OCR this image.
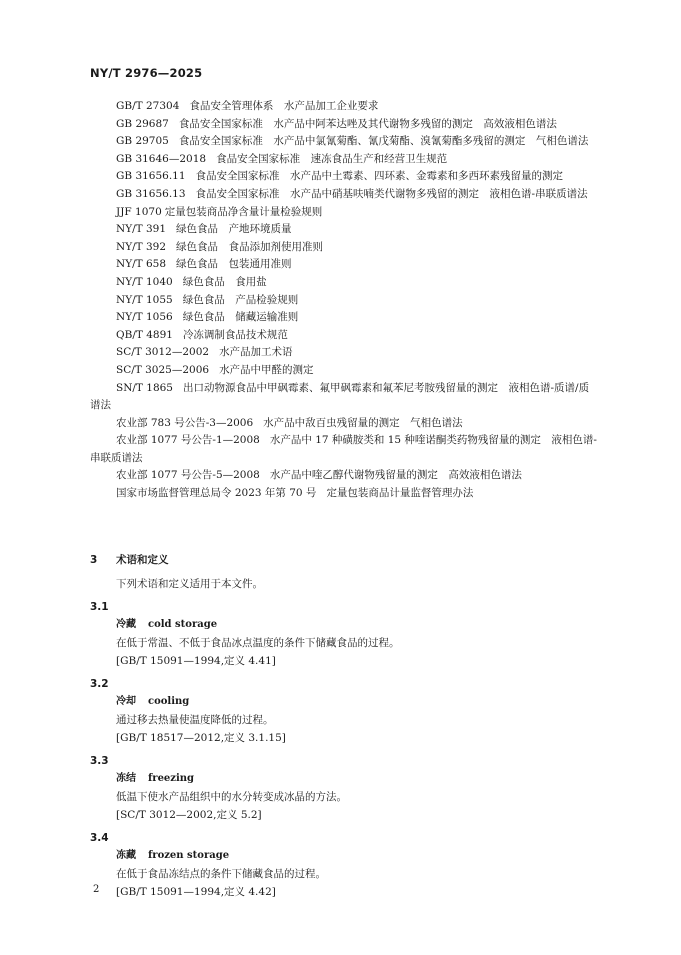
NY/T 2976—2025
GB/T 27304 食品安全管理体系　水产品加工企业要求
GB 29687 食品安全国家标准　水产品中阿苯达唑及其代谢物多残留的测定　高效液相色谱法
GB 29705 食品安全国家标准　水产品中氯氰菊酯、氰戊菊酯、溴氰菊酯多残留的测定　气相色谱法
GB 31646—2018 食品安全国家标准　速冻食品生产和经营卫生规范
GB 31656.11 食品安全国家标准　水产品中土霉素、四环素、金霉素和多西环素残留量的测定
GB 31656.13 食品安全国家标准　水产品中硝基呋喃类代谢物多残留的测定　液相色谱-串联质谱法
JJF 1070 定量包装商品净含量计量检验规则
NY/T 391 绿色食品　产地环境质量
NY/T 392 绿色食品　食品添加剂使用准则
NY/T 658 绿色食品　包装通用准则
NY/T 1040 绿色食品　食用盐
NY/T 1055 绿色食品　产品检验规则
NY/T 1056 绿色食品　储藏运输准则
QB/T 4891 冷冻调制食品技术规范
SC/T 3012—2002 水产品加工术语
SC/T 3025—2006 水产品中甲醛的测定
SN/T 1865 出口动物源食品中甲砜霉素、氟甲砜霉素和氟苯尼考胺残留量的测定　液相色谱-质谱/质谱法
农业部 783 号公告-3—2006 水产品中敌百虫残留量的测定　气相色谱法
农业部 1077 号公告-1—2008 水产品中 17 种磺胺类和 15 种喹诺酮类药物残留量的测定　液相色谱-串联质谱法
农业部 1077 号公告-5—2008 水产品中喹乙醇代谢物残留量的测定　高效液相色谱法
国家市场监督管理总局令 2023 年第 70 号 定量包装商品计量监督管理办法
3	术语和定义
下列术语和定义适用于本文件。
3.1
冷藏 cold storage
在低于常温、不低于食品冰点温度的条件下储藏食品的过程。
[GB/T 15091—1994,定义 4.41]
3.2
冷却 cooling
通过移去热量使温度降低的过程。
[GB/T 18517—2012,定义 3.1.15]
3.3
冻结 freezing
低温下使水产品组织中的水分转变成冰晶的方法。
[SC/T 3012—2002,定义 5.2]
3.4
冻藏 frozen storage
在低于食品冻结点的条件下储藏食品的过程。
[GB/T 15091—1994,定义 4.42]
2
